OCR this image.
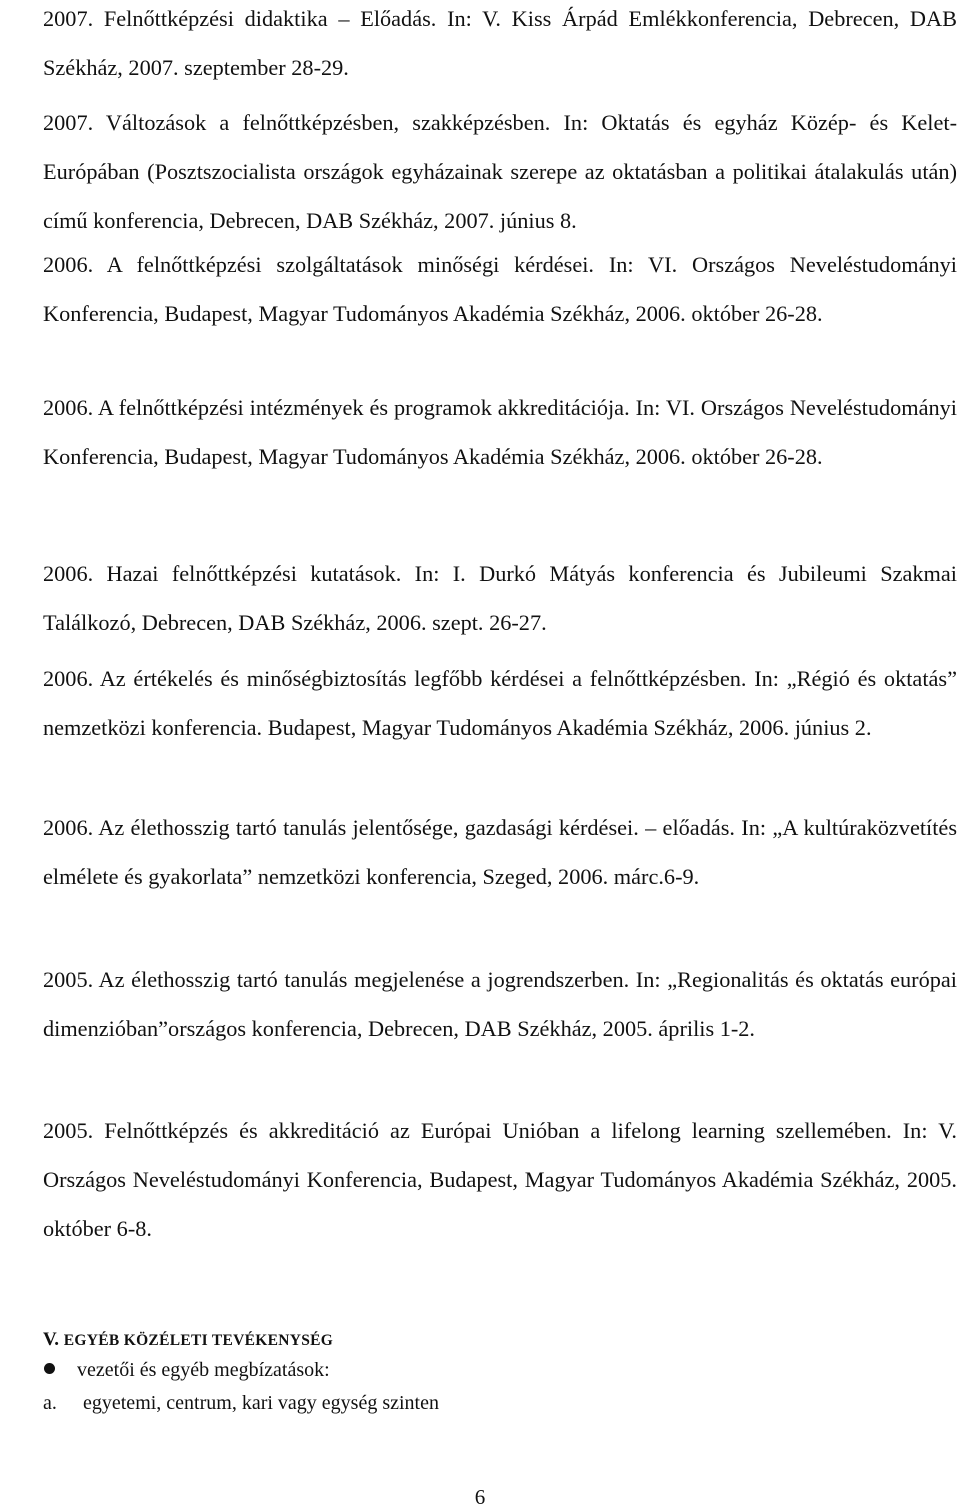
2007. Felnőttképzési didaktika – Előadás. In: V. Kiss Árpád Emlékkonferencia, Debrecen, DAB Székház, 2007. szeptember 28-29.

2007. Változások a felnőttképzésben, szakképzésben. In: Oktatás és egyház Közép- és Kelet-Európában (Posztszocialista országok egyházainak szerepe az oktatásban a politikai átalakulás után) című konferencia, Debrecen, DAB Székház, 2007. június 8.

2006. A felnőttképzési szolgáltatások minőségi kérdései. In: VI. Országos Neveléstudományi Konferencia, Budapest, Magyar Tudományos Akadémia Székház, 2006. október 26-28.

2006. A felnőttképzési intézmények és programok akkreditációja. In: VI. Országos Neveléstudományi Konferencia, Budapest, Magyar Tudományos Akadémia Székház, 2006. október 26-28.

2006. Hazai felnőttképzési kutatások. In: I. Durkó Mátyás konferencia és Jubileumi Szakmai Találkozó, Debrecen, DAB Székház, 2006. szept. 26-27.

2006. Az értékelés és minőségbiztosítás legfőbb kérdései a felnőttképzésben. In: „Régió és oktatás” nemzetközi konferencia. Budapest, Magyar Tudományos Akadémia Székház, 2006. június 2.

2006. Az élethosszig tartó tanulás jelentősége, gazdasági kérdései. – előadás. In: „A kultúraközvetítés elmélete és gyakorlata” nemzetközi konferencia, Szeged, 2006. márc.6-9.

2005. Az élethosszig tartó tanulás megjelenése a jogrendszerben. In: „Regionalitás és oktatás európai dimenzióban”országos konferencia, Debrecen, DAB Székház, 2005. április 1-2.

2005. Felnőttképzés és akkreditáció az Európai Unióban a lifelong learning szellemében. In: V. Országos Neveléstudományi Konferencia, Budapest, Magyar Tudományos Akadémia Székház, 2005. október 6-8.

V. EGYÉB KÖZÉLETI TEVÉKENYSÉG

vezetői és egyéb megbízatások:
a. egyetemi, centrum, kari vagy egység szinten
6
